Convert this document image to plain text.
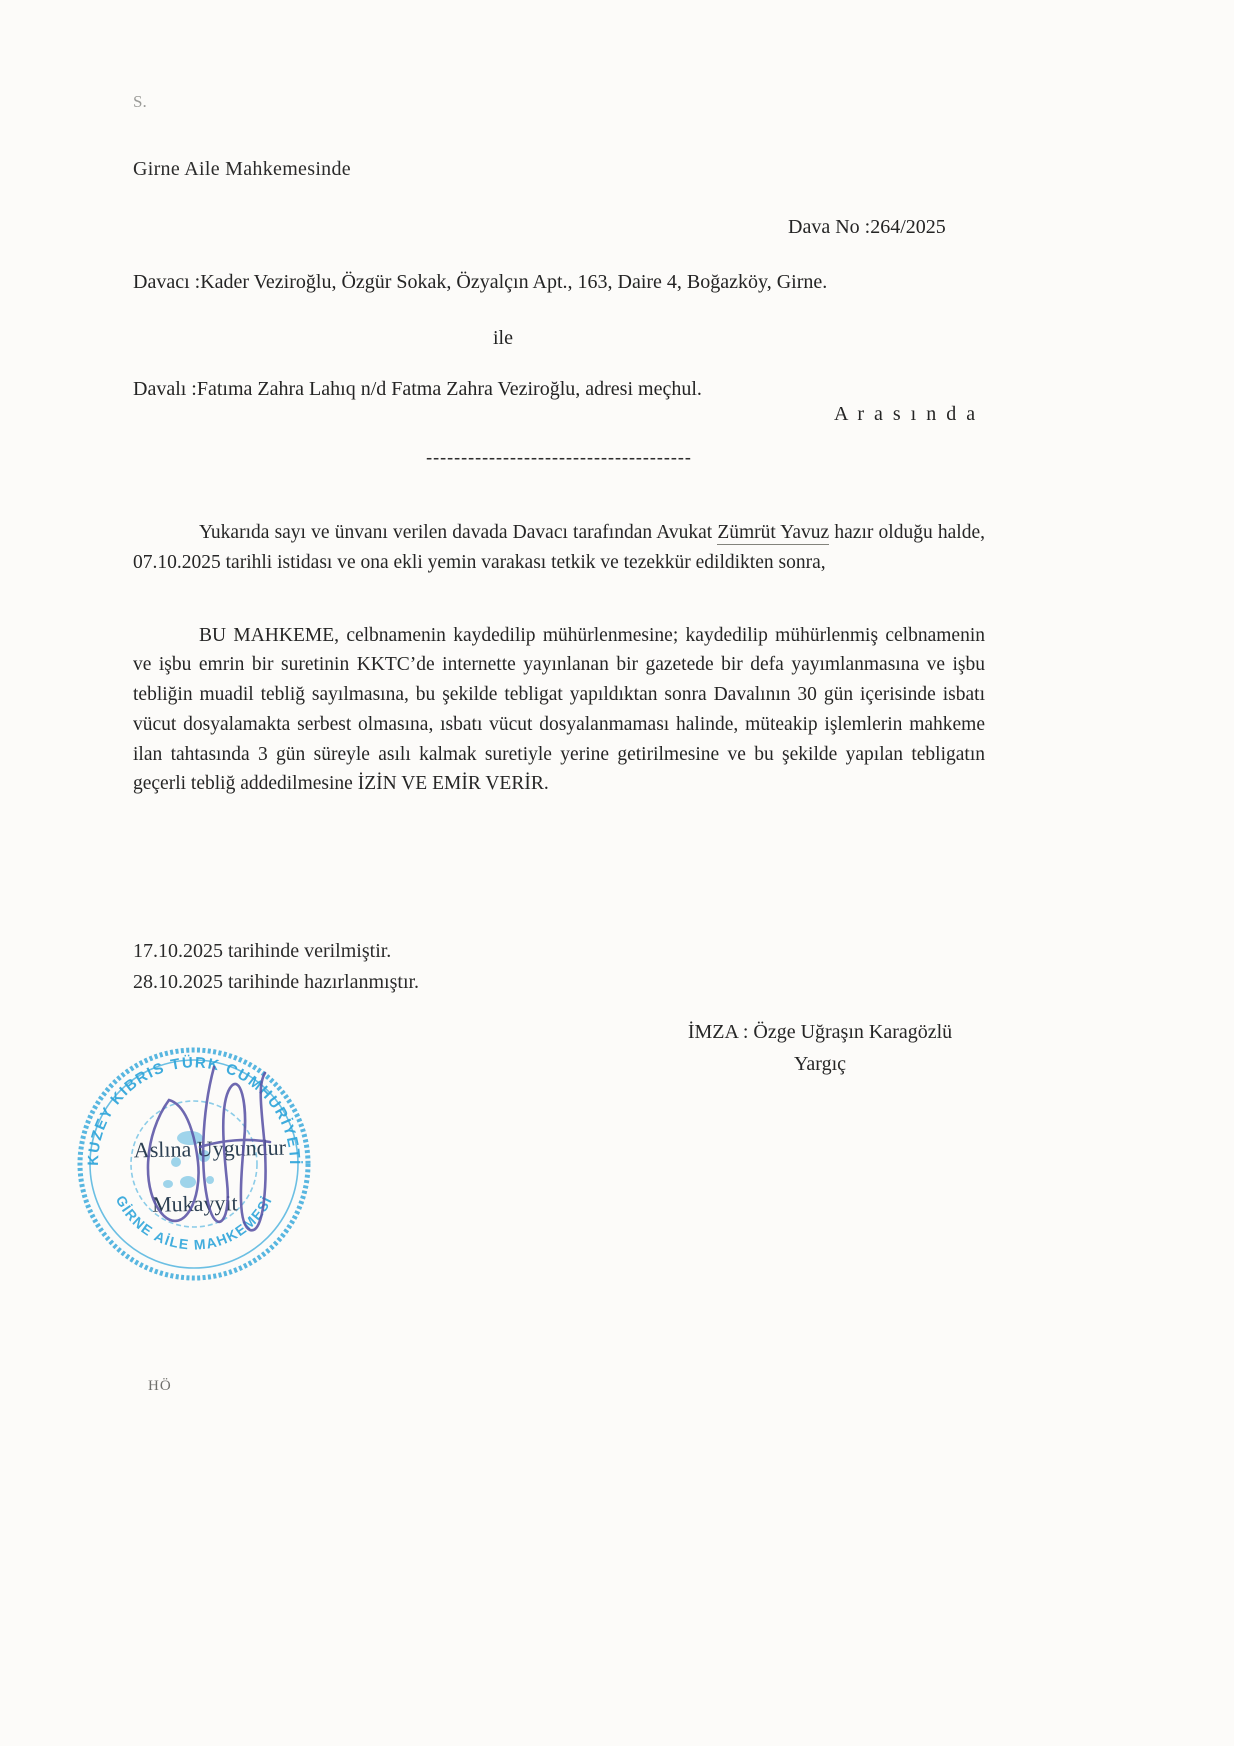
S.
Girne Aile Mahkemesinde
Dava No :264/2025
Davacı :Kader Veziroğlu, Özgür Sokak, Özyalçın Apt., 163, Daire 4, Boğazköy, Girne.
ile
Davalı :Fatıma Zahra Lahıq n/d Fatma Zahra Veziroğlu, adresi meçhul.
A r a s ı n d a
--------------------------------------

Yukarıda sayı ve ünvanı verilen davada Davacı tarafından Avukat Zümrüt Yavuz hazır olduğu halde, 07.10.2025 tarihli istidası ve ona ekli yemin varakası tetkik ve tezekkür edildikten sonra,

BU MAHKEME, celbnamenin kaydedilip mühürlenmesine; kaydedilip mühürlenmiş celbnamenin ve işbu emrin bir suretinin KKTC’de internette yayınlanan bir gazetede bir defa yayımlanmasına ve işbu tebliğin muadil tebliğ sayılmasına, bu şekilde tebligat yapıldıktan sonra Davalının 30 gün içerisinde isbatı vücut dosyalamakta serbest olmasına, ısbatı vücut dosyalanmaması halinde, müteakip işlemlerin mahkeme ilan tahtasında 3 gün süreyle asılı kalmak suretiyle yerine getirilmesine ve bu şekilde yapılan tebligatın geçerli tebliğ addedilmesine İZİN VE EMİR VERİR.

17.10.2025 tarihinde verilmiştir.
28.10.2025 tarihinde hazırlanmıştır.
İMZA : Özge Uğraşın Karagözlü
Yargıç
KUZEY KIBRIS TÜRK CUMHURİYETİ
GİRNE AİLE MAHKEMESİ
Aslına Uygundur
Mukayyit
HÖ
